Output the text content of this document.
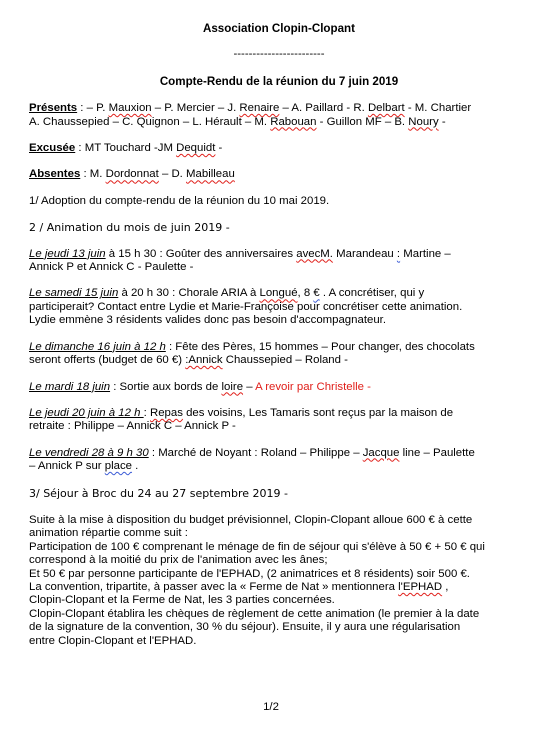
Association Clopin-Clopant

------------------------

Compte-Rendu de la réunion du 7 juin 2019

Présents : – P. Mauxion – P. Mercier – J. Renaire – A. Paillard - R. Delbart - M. Chartier

A. Chaussepied – C. Quignon – L. Hérault – M. Rabouan - Guillon MF – B. Noury -

Excusée : MT Touchard -JM Dequidt -

Absentes : M. Dordonnat – D. Mabilleau

1/ Adoption du compte-rendu de la réunion du 10 mai 2019.

2 / Animation du mois de juin 2019 -

Le jeudi 13 juin à 15 h 30 : Goûter des anniversaires avecM. Marandeau : Martine –

Annick P et Annick C - Paulette -

Le samedi 15 juin à 20 h 30 : Chorale ARIA à Longué, 8 € . A concrétiser, qui y

participerait? Contact entre Lydie et Marie-Françoise pour concrétiser cette animation.

Lydie emmène 3 résidents valides donc pas besoin d'accompagnateur.

Le dimanche 16 juin à 12 h : Fête des Pères, 15 hommes – Pour changer, des chocolats

seront offerts (budget de 60 €) :Annick Chaussepied – Roland -

Le mardi 18 juin : Sortie aux bords de loire – A revoir par Christelle -

Le jeudi 20 juin à 12 h : Repas des voisins, Les Tamaris sont reçus par la maison de

retraite : Philippe – Annick C – Annick P -

Le vendredi 28 à 9 h 30 : Marché de Noyant : Roland – Philippe – Jacque line – Paulette

– Annick P sur place .

3/ Séjour à Broc du 24 au 27 septembre 2019 -

Suite à la mise à disposition du budget prévisionnel, Clopin-Clopant alloue 600 € à cette

animation répartie comme suit :

Participation de 100 € comprenant le ménage de fin de séjour qui s'élève à 50 € + 50 € qui

correspond à la moitié du prix de l'animation avec les ânes;

Et 50 € par personne participante de l'EPHAD, (2 animatrices et 8 résidents) soir 500 €.

La convention, tripartite, à passer avec la « Ferme de Nat » mentionnera l'EPHAD ,

Clopin-Clopant et la Ferme de Nat, les 3 parties concernées.

Clopin-Clopant établira les chèques de règlement de cette animation (le premier à la date

de la signature de la convention, 30 % du séjour). Ensuite, il y aura une régularisation

entre Clopin-Clopant et l'EPHAD.

1/2
